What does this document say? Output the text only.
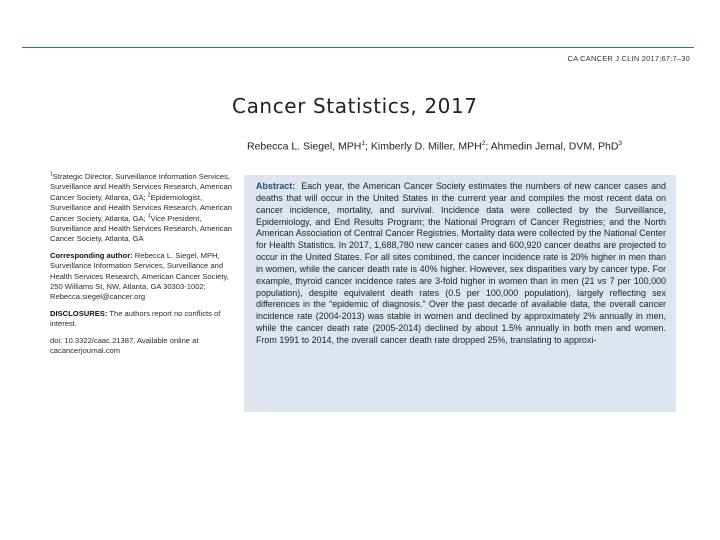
CA CANCER J CLIN 2017;67:7–30
Cancer Statistics, 2017
Rebecca L. Siegel, MPH$^1$; Kimberly D. Miller, MPH$^2$; Ahmedin Jemal, DVM, PhD$^3$

$^1$Strategic Director, Surveillance Information Services, Surveillance and Health Services Research, American Cancer Society, Atlanta, GA; $^2$Epidemiologist, Surveillance and Health Services Research, American Cancer Society, Atlanta, GA; $^3$Vice President, Surveillance and Health Services Research, American Cancer Society, Atlanta, GA

Corresponding author: Rebecca L. Siegel, MPH, Surveillance Information Services, Surveillance and Health Services Research, American Cancer Society, 250 Williams St, NW, Atlanta, GA 30303-1002; Rebecca.siegel@cancer.org

DISCLOSURES: The authors report no conflicts of interest.

doi: 10.3322/caac.21387. Available online at cacancerjournal.com

Abstract: Each year, the American Cancer Society estimates the numbers of new cancer cases and deaths that will occur in the United States in the current year and compiles the most recent data on cancer incidence, mortality, and survival. Incidence data were collected by the Surveillance, Epidemiology, and End Results Program; the National Program of Cancer Registries; and the North American Association of Central Cancer Registries. Mortality data were collected by the National Center for Health Statistics. In 2017, 1,688,780 new cancer cases and 600,920 cancer deaths are projected to occur in the United States. For all sites combined, the cancer incidence rate is 20% higher in men than in women, while the cancer death rate is 40% higher. However, sex disparities vary by cancer type. For example, thyroid cancer incidence rates are 3-fold higher in women than in men (21 vs 7 per 100,000 population), despite equivalent death rates (0.5 per 100,000 population), largely reflecting sex differences in the “epidemic of diagnosis.” Over the past decade of available data, the overall cancer incidence rate (2004-2013) was stable in women and declined by approximately 2% annually in men, while the cancer death rate (2005-2014) declined by about 1.5% annually in both men and women. From 1991 to 2014, the overall cancer death rate dropped 25%, translating to approxi-
